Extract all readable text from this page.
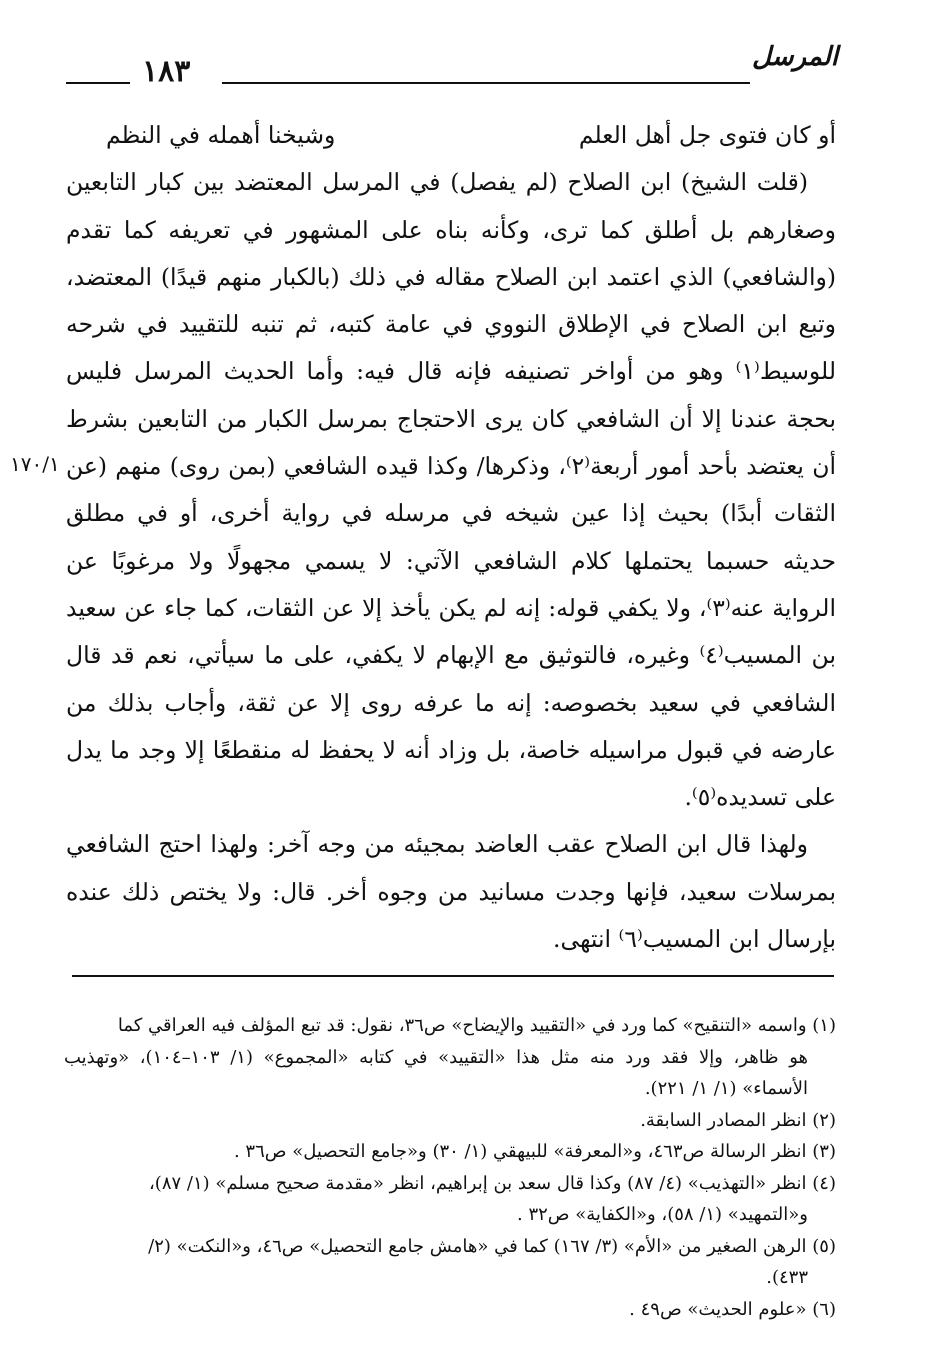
المرسل
١٨٣
١٧٠/١

أو كان فتوى جل أهل العلم
وشيخنا أهمله في النظم

(قلت الشيخ) ابن الصلاح (لم يفصل) في المرسل المعتضد بين كبار التابعين وصغارهم بل أطلق كما ترى، وكأنه بناه على المشهور في تعريفه كما تقدم (والشافعي) الذي اعتمد ابن الصلاح مقاله في ذلك (بالكبار منهم قيدًا) المعتضد، وتبع ابن الصلاح في الإطلاق النووي في عامة كتبه، ثم تنبه للتقييد في شرحه للوسيط⁽١⁾ وهو من أواخر تصنيفه فإنه قال فيه: وأما الحديث المرسل فليس بحجة عندنا إلا أن الشافعي كان يرى الاحتجاج بمرسل الكبار من التابعين بشرط أن يعتضد بأحد أمور أربعة⁽٢⁾، وذكرها/ وكذا قيده الشافعي (بمن روى) منهم (عن الثقات أبدًا) بحيث إذا عين شيخه في مرسله في رواية أخرى، أو في مطلق حديثه حسبما يحتملها كلام الشافعي الآتي: لا يسمي مجهولًا ولا مرغوبًا عن الرواية عنه⁽٣⁾، ولا يكفي قوله: إنه لم يكن يأخذ إلا عن الثقات، كما جاء عن سعيد بن المسيب⁽٤⁾ وغيره، فالتوثيق مع الإبهام لا يكفي، على ما سيأتي، نعم قد قال الشافعي في سعيد بخصوصه: إنه ما عرفه روى إلا عن ثقة، وأجاب بذلك من عارضه في قبول مراسيله خاصة، بل وزاد أنه لا يحفظ له منقطعًا إلا وجد ما يدل على تسديده⁽٥⁾.

ولهذا قال ابن الصلاح عقب العاضد بمجيئه من وجه آخر: ولهذا احتج الشافعي بمرسلات سعيد، فإنها وجدت مسانيد من وجوه أخر. قال: ولا يختص ذلك عنده بإرسال ابن المسيب⁽٦⁾ انتهى.

(١) واسمه «التنقيح» كما ورد في «التقييد والإيضاح» ص٣٦، نقول: قد تبع المؤلف فيه العراقي كما

هو ظاهر، وإلا فقد ورد منه مثل هذا «التقييد» في كتابه «المجموع» (١/ ١٠٣–١٠٤)، «وتهذيب الأسماء» (١/ ١/ ٢٢١).

(٢) انظر المصادر السابقة.

(٣) انظر الرسالة ص٤٦٣، و«المعرفة» للبيهقي (١/ ٣٠) و«جامع التحصيل» ص٣٦ .

(٤) انظر «التهذيب» (٤/ ٨٧) وكذا قال سعد بن إبراهيم، انظر «مقدمة صحيح مسلم» (١/ ٨٧)،

و«التمهيد» (١/ ٥٨)، و«الكفاية» ص٣٢ .

(٥) الرهن الصغير من «الأم» (٣/ ١٦٧) كما في «هامش جامع التحصيل» ص٤٦، و«النكت» (٢/

٤٣٣).

(٦) «علوم الحديث» ص٤٩ .
